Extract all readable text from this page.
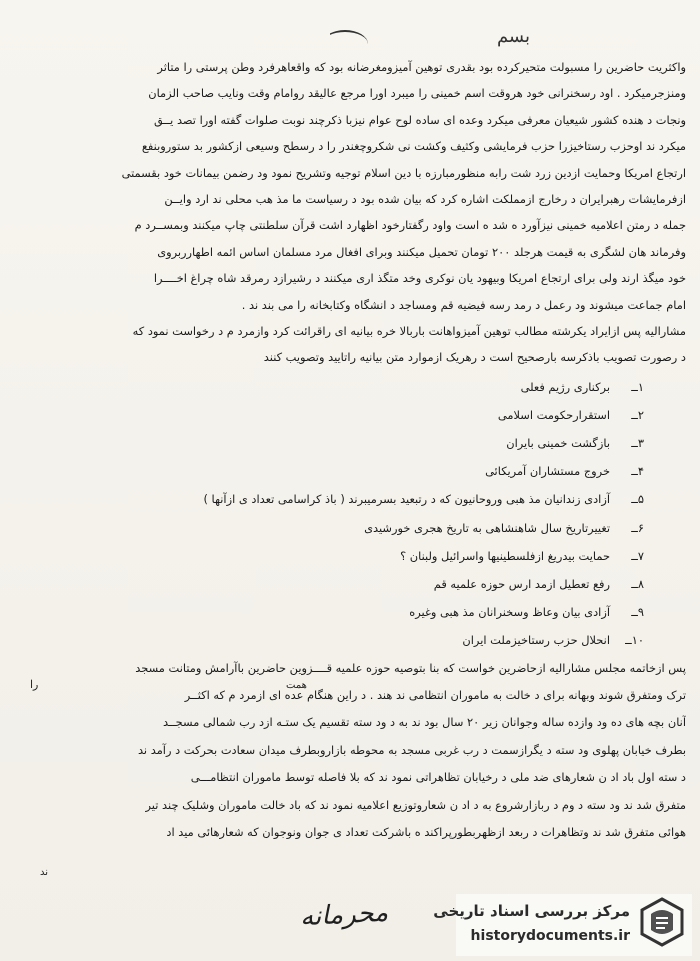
بسم
واکثریت حاضرین را مسبولت متحیرکرده بود بقدری توهین آمیزومغرضانه بود که واقعاهرفرد وطن پرستی را متاثر
ومنزجرمیکرد . اود رسخنرانی خود هروقت اسم خمینی را میبرد اورا مرجع عالیقد روامام وقت ونایب صاحب الزمان
ونجات د هنده کشور شیعیان معرفی میکرد وعده ای ساده لوح عوام نیزبا ذکرچند نوبت صلوات گفته اورا تصد یــق
میکرد ند اوحزب رستاخیزرا حزب فرمایشی وکثیف وکشت نی شکروچغندر را د رسطح وسیعی ازکشور بد ستوروبنفع
ارتجاع امریکا وحمایت ازدین زرد شت رابه منظورمبارزه با دین اسلام توجیه وتشریح نمود ود رضمن بیمانات خود بقسمتی
ازفرمایشات رهبرایران د رخارج ازمملکت اشاره کرد که بیان شده بود د رسیاست ما مذ هب محلی ند ارد وایــن
جمله د رمتن اعلامیه خمینی نیزآورد ه شد ه است واود رگفتارخود اظهارد اشت قرآن سلطنتی چاپ میکنند وبمســرد م
وفرماند هان لشگری به قیمت هرجلد ۲۰۰ تومان تحمیل میکنند وبرای افغال مرد مسلمان اساس ائمه اطهارربروی
خود میگذ ارند ولی برای ارتجاع امریکا وبیهود یان نوکری وخد متگذ اری میکنند د رشیرازد رمرقد شاه چراغ اخــــرا
امام جماعت میشوند ود رعمل د رمد رسه فیضیه قم ومساجد د انشگاه وکتابخانه را می بند ند .
مشارالیه پس ازایراد یکرشته مطالب توهین آمیزواهانت باربالا خره بیانیه ای راقرائت کرد وازمرد م د رخواست نمود که
د رصورت تصویب باذکرسه بارصحیح است د رهریک ازموارد متن بیانیه راتایید وتصویب کنند
۱ــبرکناری رژیم فعلی
۲ــاستقرارحکومت اسلامی
۳ــبازگشت خمینی بایران
۴ــخروج مستشاران آمریکائی
۵ــآزادی زندانیان مذ هبی وروحانیون که د رتبعید بسرمیبرند ( باذ کراسامی تعداد ی ازآنها )
۶ــتغییرتاریخ سال شاهنشاهی به تاریخ هجری خورشیدی
۷ــحمایت بیدریغ ازفلسطینیها واسرائیل ولبنان ؟
۸ــرفع تعطیل ازمد ارس حوزه علمیه قم
۹ــآزادی بیان وعاظ وسخنرانان مذ هبی وغیره
۱۰ــانحلال حزب رستاخیزملت ایران
پس ازخاتمه مجلس مشارالیه ازحاضرین خواست که بنا بتوصیه حوزه علمیه قــــزوین حاضرین باآرامش ومتانت مسجد
ترک ومتفرق شوند وبهانه برای د خالت به ماموران انتظامی ند هند . د راین هنگام عده ای ازمرد م که اکثــر
آنان بچه های ده ود وازده ساله وجوانان زیر ۲۰ سال بود ند به د ود سته تقسیم یک ستـه ازد رب شمالی مسجــد
بطرف خیابان پهلوی ود سته د یگرازسمت د رب غربی مسجد به محوطه بازاروبطرف میدان سعادت بحرکت د رآمد ند
د سته اول باد اد ن شعارهای ضد ملی د رخیابان تظاهراتی نمود ند که بلا فاصله توسط ماموران انتظامـــی
متفرق شد ند ود سته د وم د ربازارشروع به د اد ن شعاروتوزیع اعلامیه نمود ند که باد خالت ماموران وشلیک چند تیر
هوائی متفرق شد ند وتظاهرات د ربعد ازظهربطورپراکند ه باشرکت تعداد ی جوان ونوجوان که شعارهائی مید اد
را	همت
ند
محرمانه	مرکز بررسی اسناد تاریخی
historydocuments.ir
